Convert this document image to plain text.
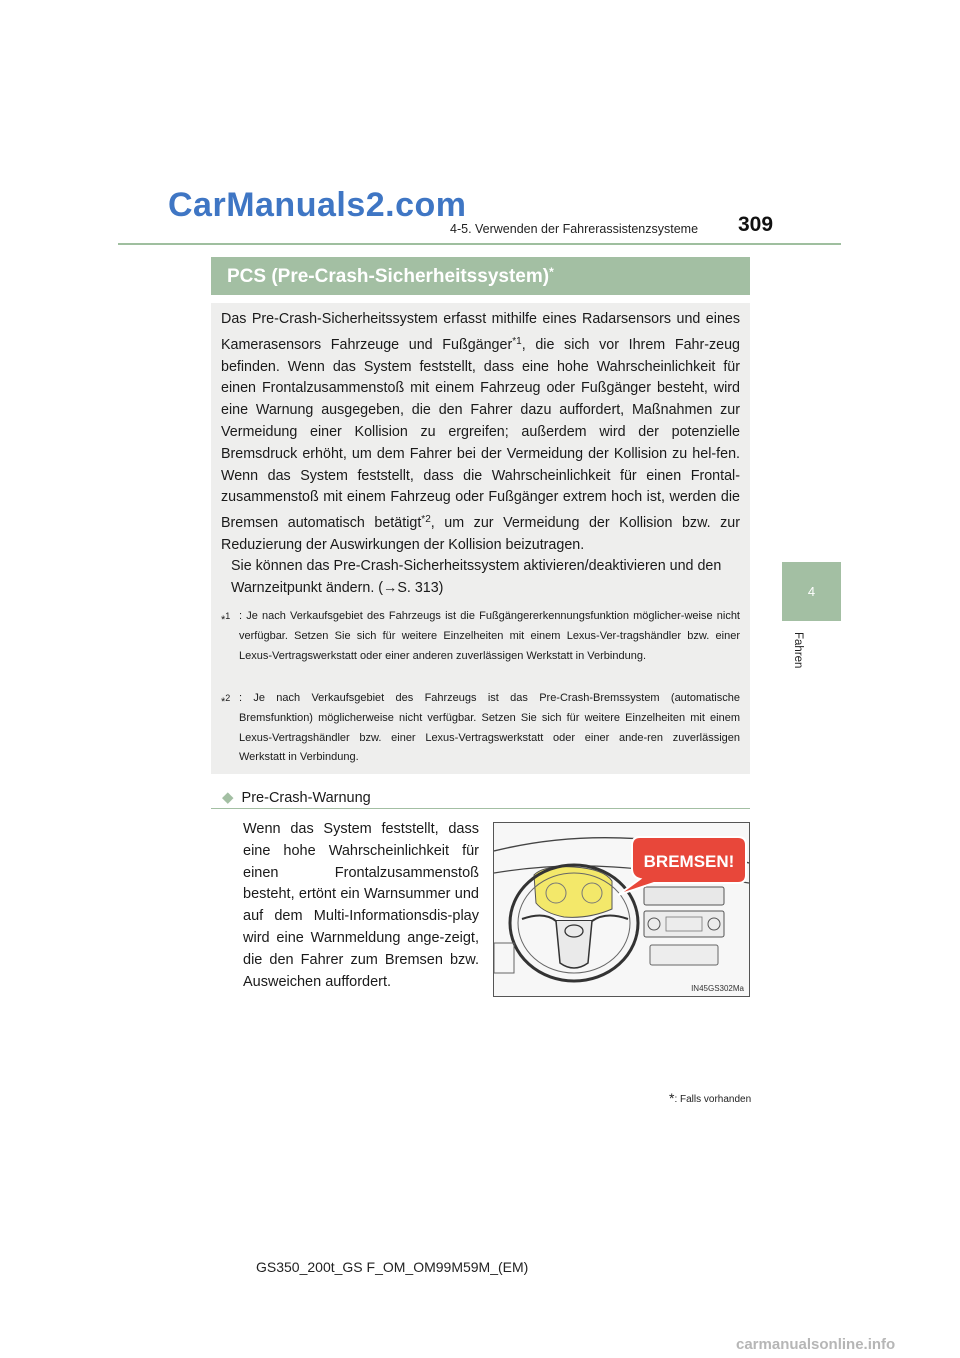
CarManuals2.com
4-5. Verwenden der Fahrerassistenzsysteme 309
4
Fahren
PCS (Pre-Crash-Sicherheitssystem)*
Das Pre-Crash-Sicherheitssystem erfasst mithilfe eines Radarsensors und eines Kamerasensors Fahrzeuge und Fußgänger$^{*1}$, die sich vor Ihrem Fahr-zeug befinden. Wenn das System feststellt, dass eine hohe Wahrscheinlichkeit für einen Frontalzusammenstoß mit einem Fahrzeug oder Fußgänger besteht, wird eine Warnung ausgegeben, die den Fahrer dazu auffordert, Maßnahmen zur Vermeidung einer Kollision zu ergreifen; außerdem wird der potenzielle Bremsdruck erhöht, um dem Fahrer bei der Vermeidung der Kollision zu hel-fen. Wenn das System feststellt, dass die Wahrscheinlichkeit für einen Frontal-zusammenstoß mit einem Fahrzeug oder Fußgänger extrem hoch ist, werden die Bremsen automatisch betätigt$^{*2}$, um zur Vermeidung der Kollision bzw. zur Reduzierung der Auswirkungen der Kollision beizutragen.
Sie können das Pre-Crash-Sicherheitssystem aktivieren/deaktivieren und den Warnzeitpunkt ändern. (→S. 313)
*$^1$ : Je nach Verkaufsgebiet des Fahrzeugs ist die Fußgängererkennungsfunktion möglicher-weise nicht verfügbar. Setzen Sie sich für weitere Einzelheiten mit einem Lexus-Ver-tragshändler bzw. einer Lexus-Vertragswerkstatt oder einer anderen zuverlässigen Werkstatt in Verbindung.
*$^2$ : Je nach Verkaufsgebiet des Fahrzeugs ist das Pre-Crash-Bremssystem (automatische Bremsfunktion) möglicherweise nicht verfügbar. Setzen Sie sich für weitere Einzelheiten mit einem Lexus-Vertragshändler bzw. einer Lexus-Vertragswerkstatt oder einer ande-ren zuverlässigen Werkstatt in Verbindung.
◆ Pre-Crash-Warnung
Wenn das System feststellt, dass eine hohe Wahrscheinlichkeit für einen Frontalzusammenstoß besteht, ertönt ein Warnsummer und auf dem Multi-Informationsdis-play wird eine Warnmeldung ange-zeigt, die den Fahrer zum Bremsen bzw. Ausweichen auffordert.
BREMSEN!
IN45GS302Ma
*: Falls vorhanden
GS350_200t_GS F_OM_OM99M59M_(EM)
carmanualsonline.info
